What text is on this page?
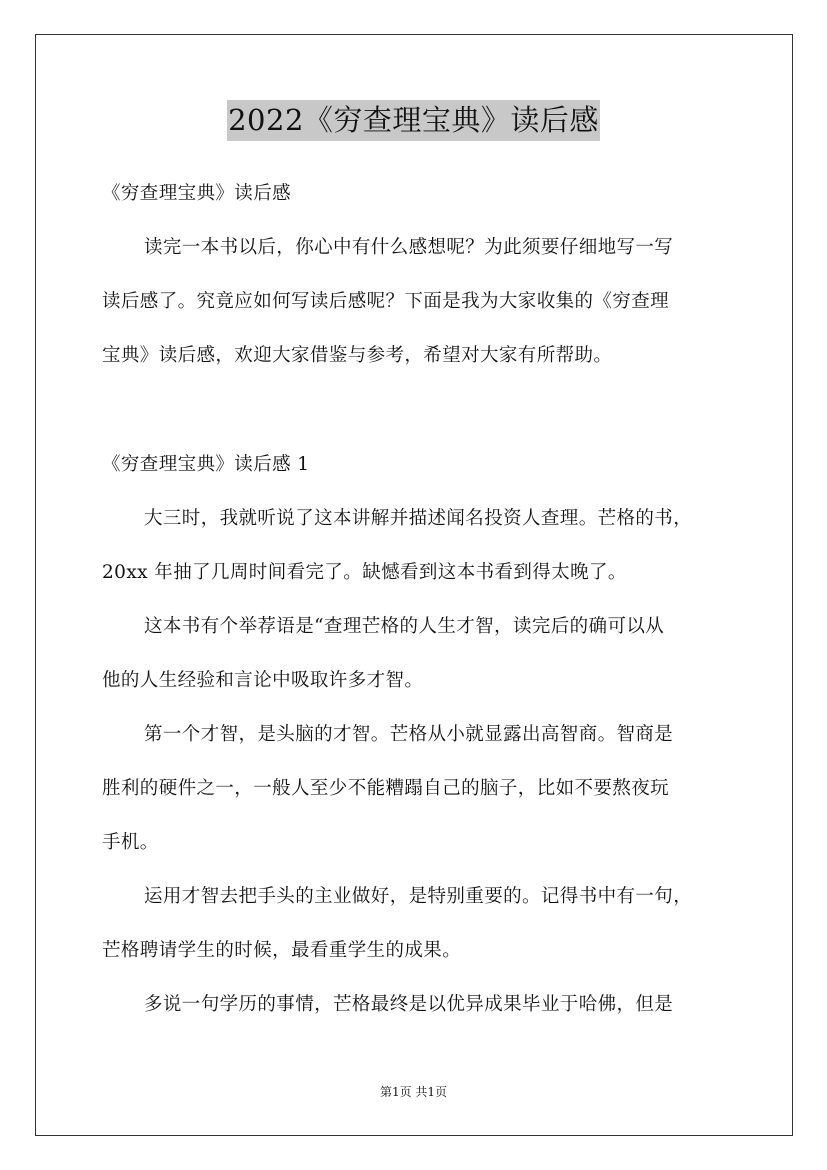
2022《穷查理宝典》读后感
《穷查理宝典》读后感
读完一本书以后，你心中有什么感想呢？为此须要仔细地写一写
读后感了。究竟应如何写读后感呢？下面是我为大家收集的《穷查理
宝典》读后感，欢迎大家借鉴与参考，希望对大家有所帮助。
《穷查理宝典》读后感 1
大三时，我就听说了这本讲解并描述闻名投资人查理。芒格的书，
20xx 年抽了几周时间看完了。缺憾看到这本书看到得太晚了。
这本书有个举荐语是“查理芒格的人生才智，读完后的确可以从
他的人生经验和言论中吸取许多才智。
第一个才智，是头脑的才智。芒格从小就显露出高智商。智商是
胜利的硬件之一，一般人至少不能糟蹋自己的脑子，比如不要熬夜玩
手机。
运用才智去把手头的主业做好，是特别重要的。记得书中有一句，
芒格聘请学生的时候，最看重学生的成果。
多说一句学历的事情，芒格最终是以优异成果毕业于哈佛，但是
第1页 共1页
